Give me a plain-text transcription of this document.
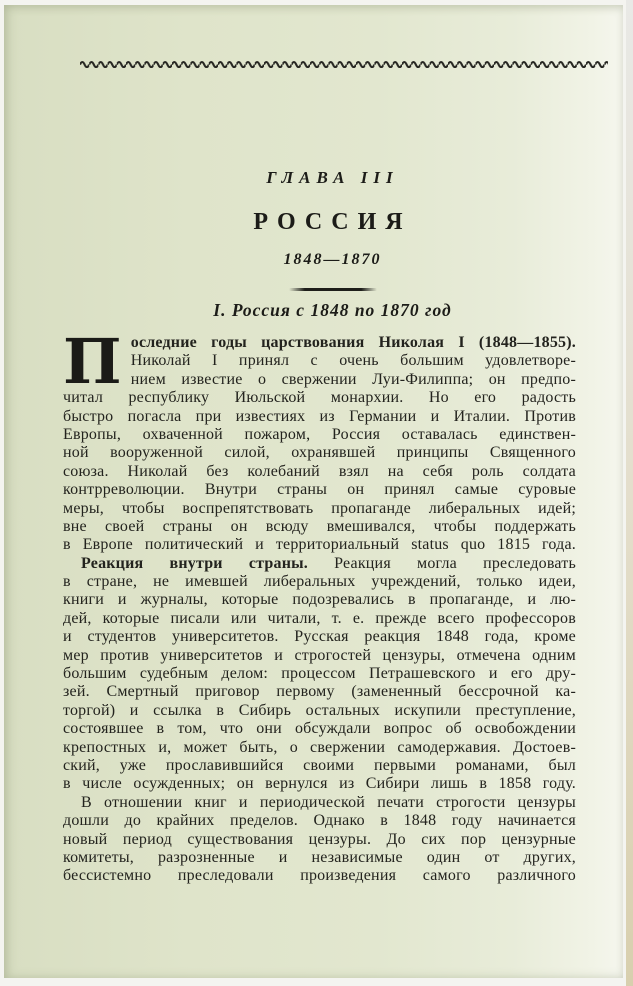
ГЛАВА III
РОССИЯ
1848—1870
I. Россия с 1848 по 1870 год
П оследние годы царствования Николая I (1848—1855).
Николай I принял с очень большим удовлетворе-
нием известие о свержении Луи-Филиппа; он предпо-
читал республику Июльской монархии. Но его радость
быстро погасла при известиях из Германии и Италии. Против
Европы, охваченной пожаром, Россия оставалась единствен-
ной вооруженной силой, охранявшей принципы Священного
союза. Николай без колебаний взял на себя роль солдата
контрреволюции. Внутри страны он принял самые суровые
меры, чтобы воспрепятствовать пропаганде либеральных идей;
вне своей страны он всюду вмешивался, чтобы поддержать
в Европе политический и территориальный status quo 1815 года.
Реакция внутри страны. Реакция могла преследовать
в стране, не имевшей либеральных учреждений, только идеи,
книги и журналы, которые подозревались в пропаганде, и лю-
дей, которые писали или читали, т. е. прежде всего профессоров
и студентов университетов. Русская реакция 1848 года, кроме
мер против университетов и строгостей цензуры, отмечена одним
большим судебным делом: процессом Петрашевского и его дру-
зей. Смертный приговор первому (замененный бессрочной ка-
торгой) и ссылка в Сибирь остальных искупили преступление,
состоявшее в том, что они обсуждали вопрос об освобождении
крепостных и, может быть, о свержении самодержавия. Достоев-
ский, уже прославившийся своими первыми романами, был
в числе осужденных; он вернулся из Сибири лишь в 1858 году.
В отношении книг и периодической печати строгости цензуры
дошли до крайних пределов. Однако в 1848 году начинается
новый период существования цензуры. До сих пор цензурные
комитеты, разрозненные и независимые один от других,
бессистемно преследовали произведения самого различного
